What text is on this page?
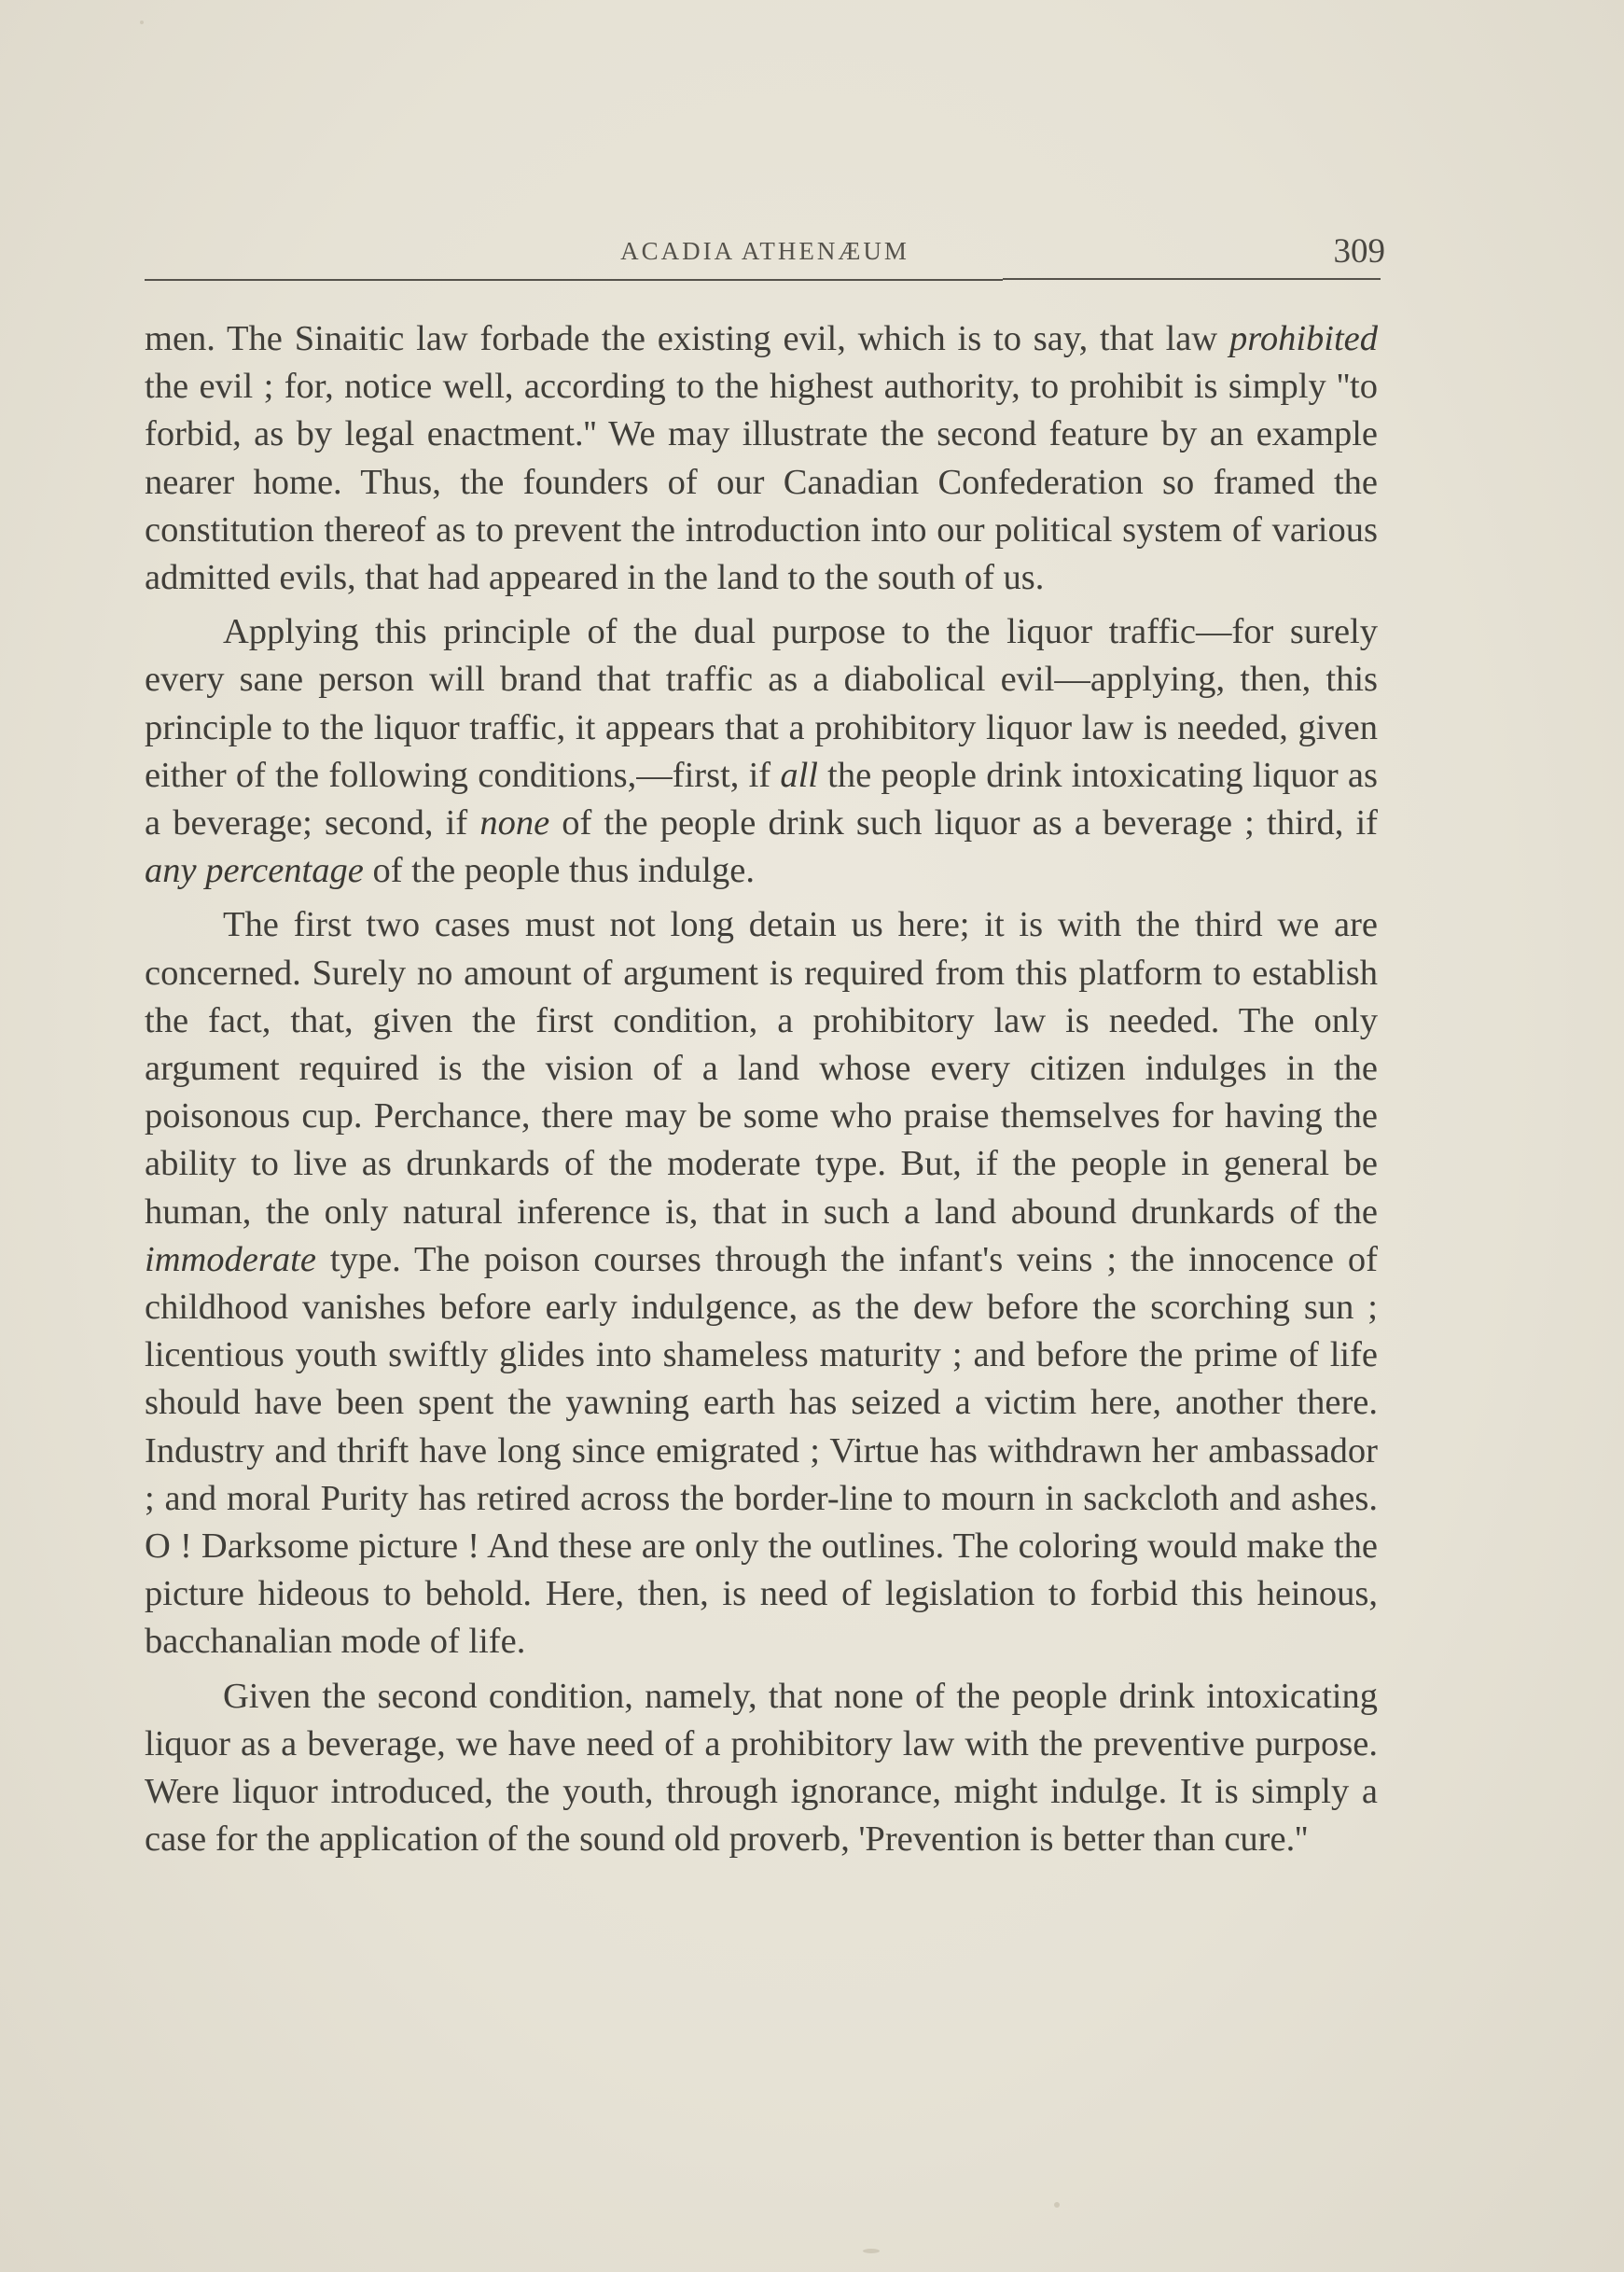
ACADIA ATHENÆUM	309

men. The Sinaitic law forbade the existing evil, which is to say, that law prohibited the evil ; for, notice well, according to the highest authority, to prohibit is simply ''to forbid, as by legal enactment.'' We may illustrate the second feature by an example nearer home. Thus, the founders of our Canadian Confederation so framed the constitution thereof as to prevent the introduction into our political system of various admitted evils, that had appeared in the land to the south of us.

Applying this principle of the dual purpose to the liquor traffic—for surely every sane person will brand that traffic as a diabolical evil—applying, then, this principle to the liquor traffic, it appears that a prohibitory liquor law is needed, given either of the following conditions,—first, if all the people drink intoxicating liquor as a beverage; second, if none of the people drink such liquor as a beverage ; third, if any percentage of the people thus indulge.

The first two cases must not long detain us here; it is with the third we are concerned. Surely no amount of argument is required from this platform to establish the fact, that, given the first condition, a prohibitory law is needed. The only argument required is the vision of a land whose every citizen indulges in the poisonous cup. Perchance, there may be some who praise themselves for having the ability to live as drunkards of the moderate type. But, if the people in general be human, the only natural inference is, that in such a land abound drunkards of the immoderate type. The poison courses through the infant's veins ; the innocence of childhood vanishes before early indulgence, as the dew before the scorching sun ; licentious youth swiftly glides into shameless maturity ; and before the prime of life should have been spent the yawning earth has seized a victim here, another there. Industry and thrift have long since emigrated ; Virtue has withdrawn her ambassador ; and moral Purity has retired across the border-line to mourn in sackcloth and ashes. O ! Darksome picture ! And these are only the outlines. The coloring would make the picture hideous to behold. Here, then, is need of legislation to forbid this heinous, bacchanalian mode of life.

Given the second condition, namely, that none of the people drink intoxicating liquor as a beverage, we have need of a prohibitory law with the preventive purpose. Were liquor introduced, the youth, through ignorance, might indulge. It is simply a case for the application of the sound old proverb, 'Prevention is better than cure.''
